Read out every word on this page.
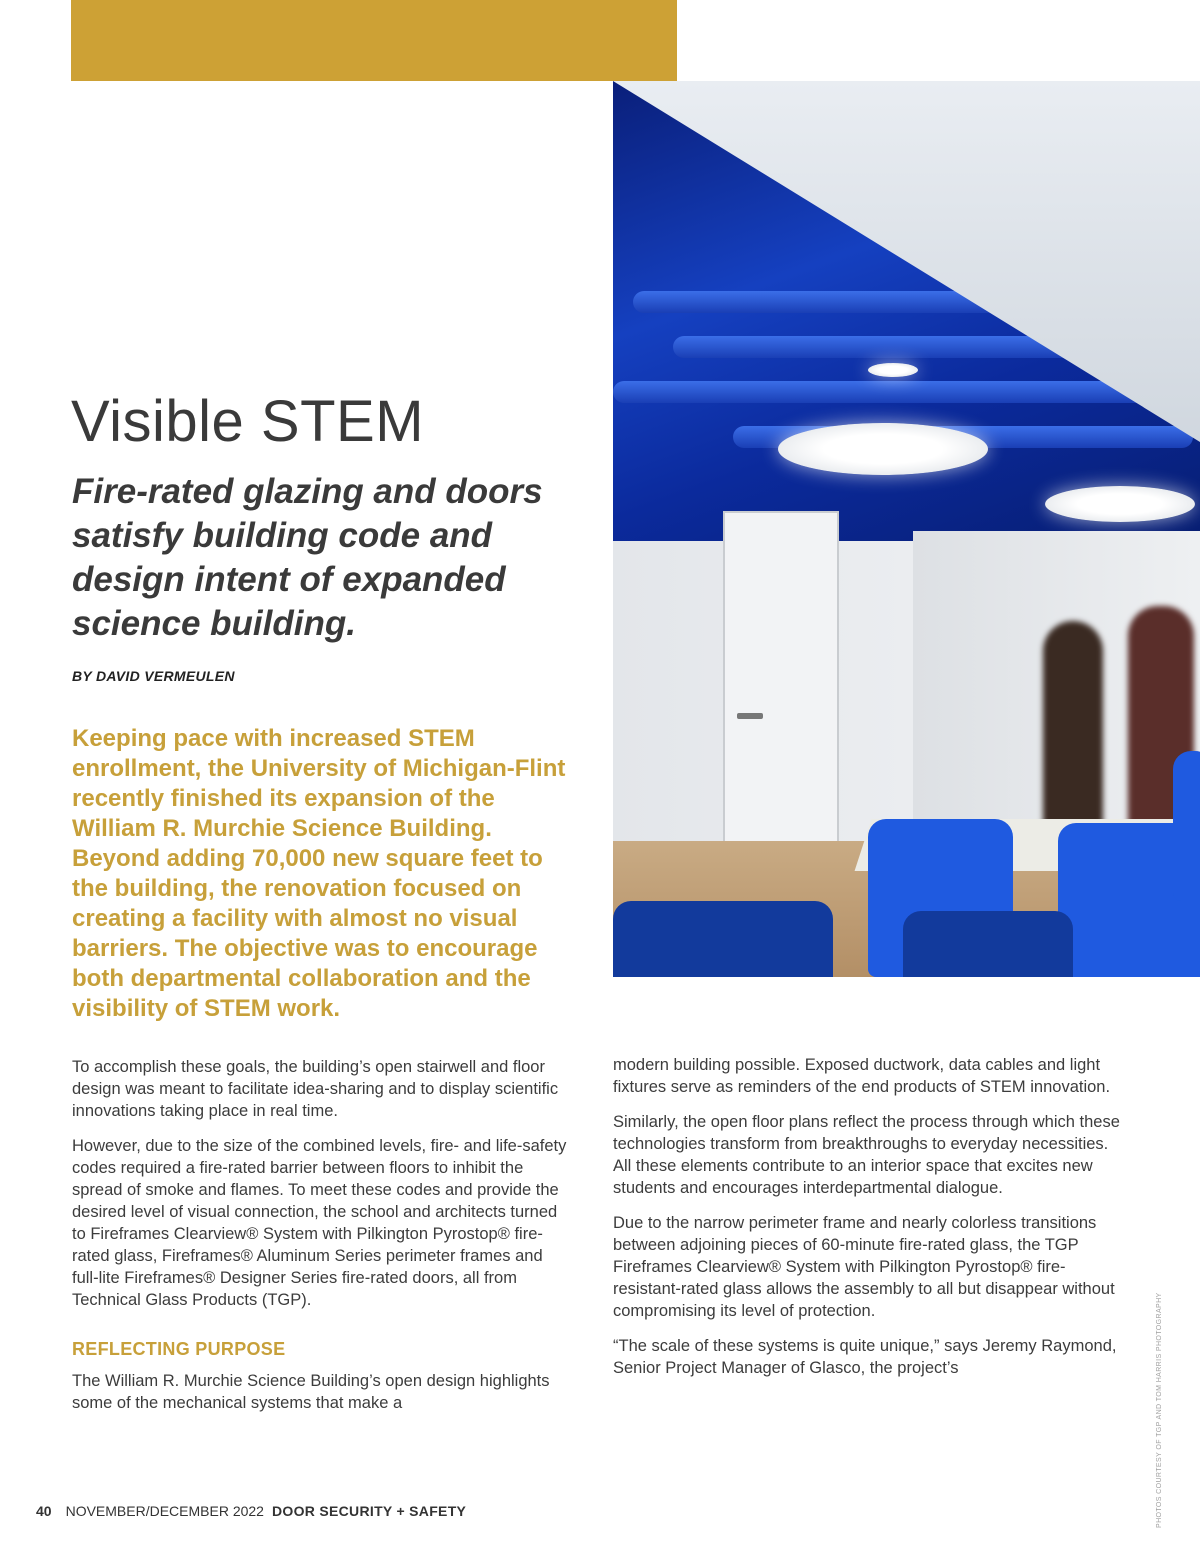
Visible STEM
Fire-rated glazing and doors satisfy building code and design intent of expanded science building.

BY DAVID VERMEULEN

Keeping pace with increased STEM enrollment, the University of Michigan-Flint recently finished its expansion of the William R. Murchie Science Building. Beyond adding 70,000 new square feet to the building, the renovation focused on creating a facility with almost no visual barriers. The objective was to encourage both departmental collaboration and the visibility of STEM work.

To accomplish these goals, the building’s open stairwell and floor design was meant to facilitate idea-sharing and to display scientific innovations taking place in real time.

However, due to the size of the combined levels, fire- and life-safety codes required a fire-rated barrier between floors to inhibit the spread of smoke and flames. To meet these codes and provide the desired level of visual connection, the school and architects turned to Fireframes Clearview® System with Pilkington Pyrostop® fire-rated glass, Fireframes® Aluminum Series perimeter frames and full-lite Fireframes® Designer Series fire-rated doors, all from Technical Glass Products (TGP).

REFLECTING PURPOSE

The William R. Murchie Science Building’s open design highlights some of the mechanical systems that make a

modern building possible. Exposed ductwork, data cables and light fixtures serve as reminders of the end products of STEM innovation.

Similarly, the open floor plans reflect the process through which these technologies transform from breakthroughs to everyday necessities. All these elements contribute to an interior space that excites new students and encourages interdepartmental dialogue.

Due to the narrow perimeter frame and nearly colorless transitions between adjoining pieces of 60-minute fire-rated glass, the TGP Fireframes Clearview® System with Pilkington Pyrostop® fire-resistant-rated glass allows the assembly to all but disappear without compromising its level of protection.

“The scale of these systems is quite unique,” says Jeremy Raymond, Senior Project Manager of Glasco, the project’s	PHOTOS COURTESY OF TGP AND TOM HARRIS PHOTOGRAPHY
40 NOVEMBER/DECEMBER 2022 DOOR SECURITY + SAFETY
